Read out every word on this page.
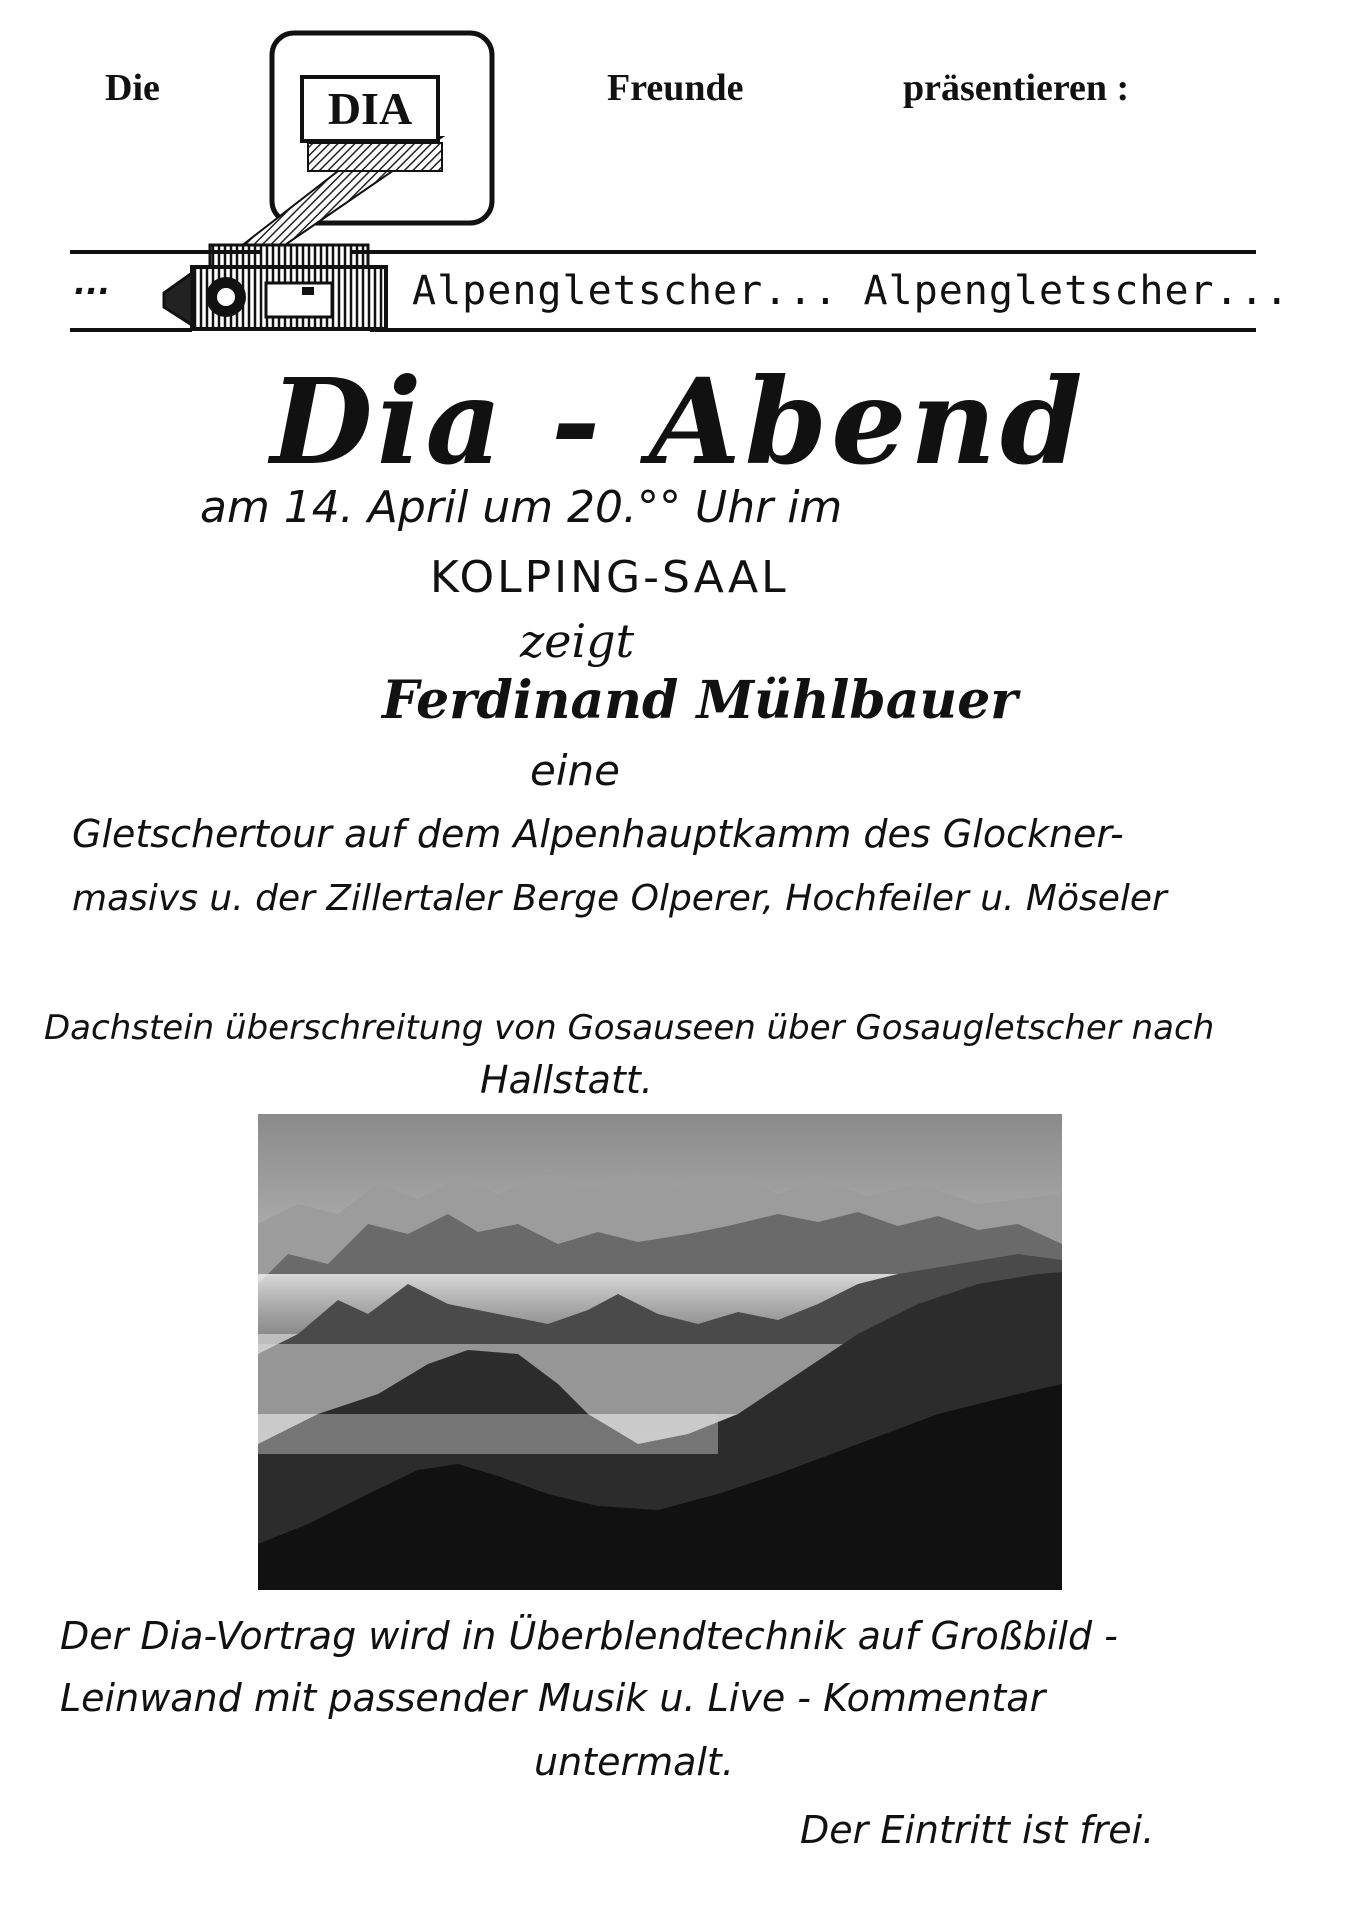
Die	Freunde	präsentieren :
DIA
...	Alpengletscher... Alpengletscher...
Dia - Abend
am 14. April um 20.°° Uhr im
KOLPING-SAAL
zeigt
Ferdinand Mühlbauer
eine
Gletschertour auf dem Alpenhauptkamm des Glockner-
masivs u. der Zillertaler Berge Olperer, Hochfeiler u. Möseler
Dachstein überschreitung von Gosauseen über Gosaugletscher nach
Hallstatt.
Der Dia-Vortrag wird in Überblendtechnik auf Großbild -
Leinwand mit passender Musik u. Live - Kommentar
untermalt.
Der Eintritt ist frei.
